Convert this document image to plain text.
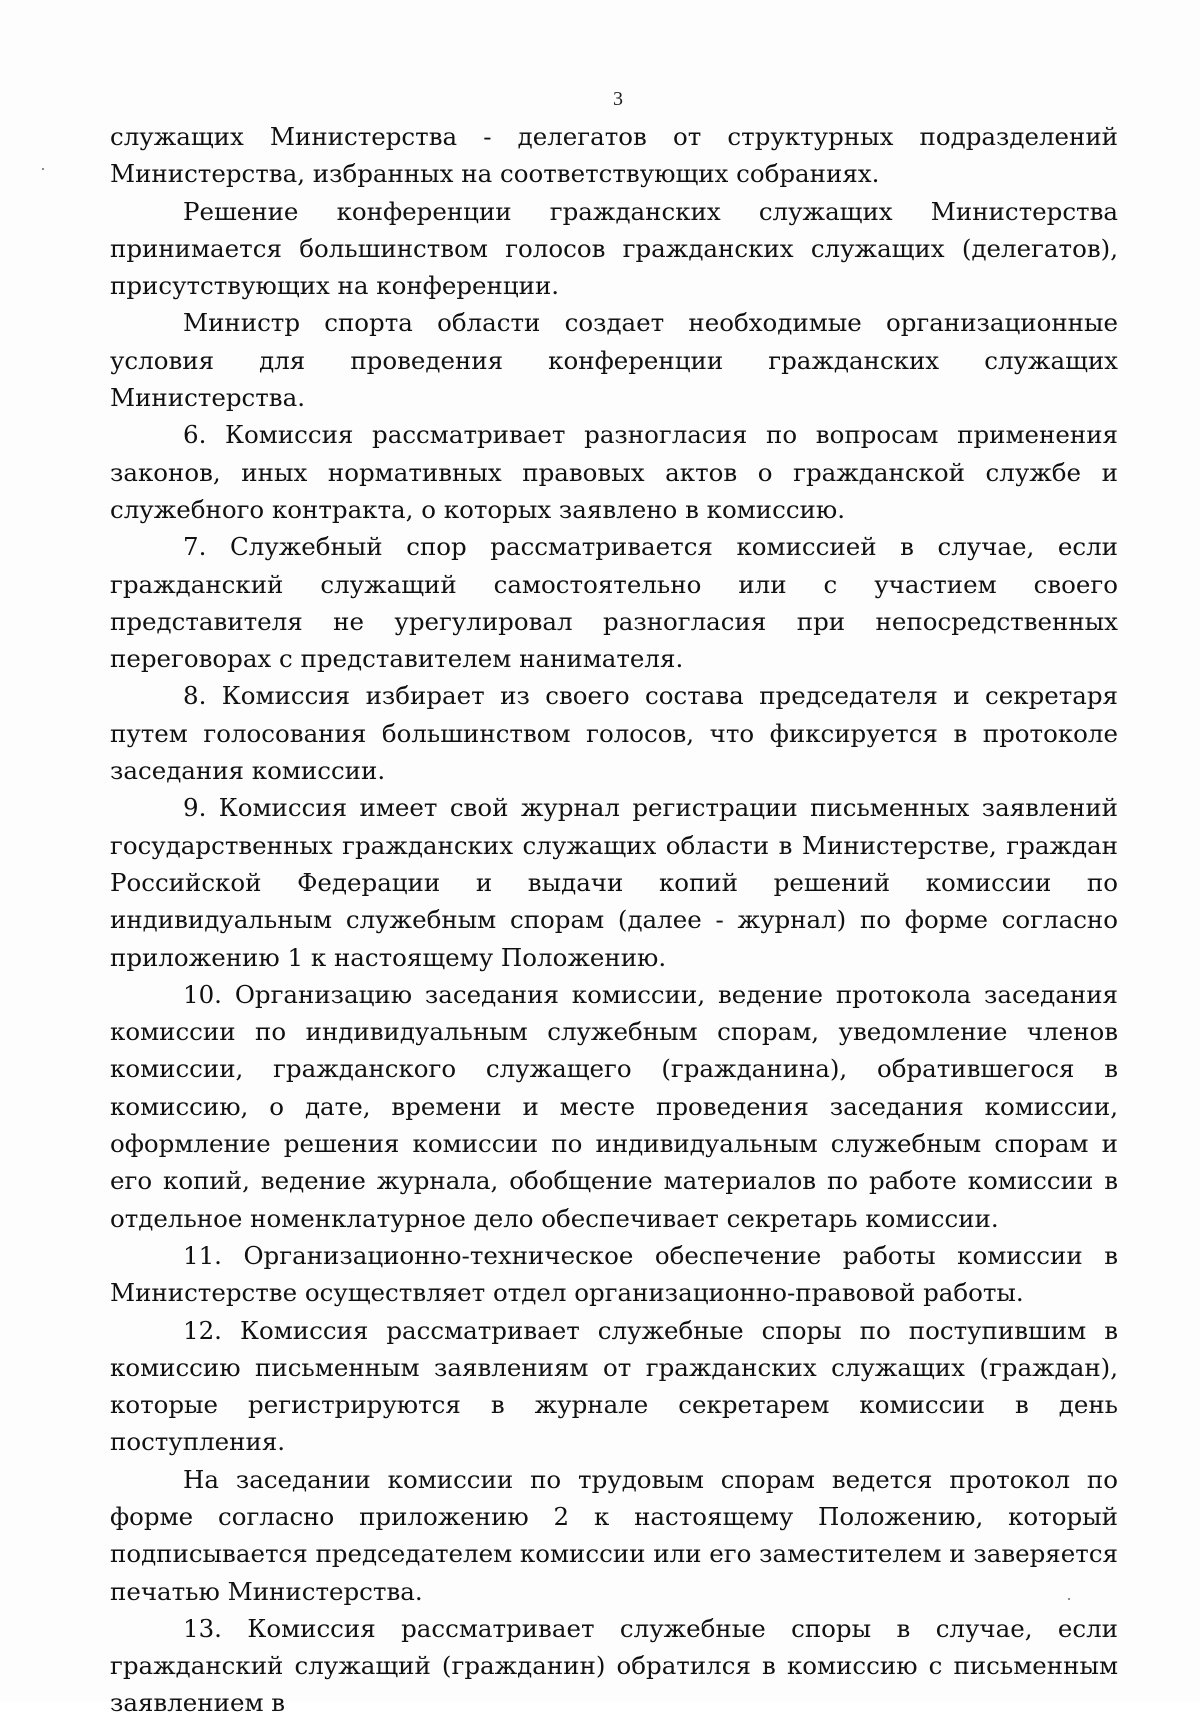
3

служащих Министерства - делегатов от структурных подразделений Министерства, избранных на соответствующих собраниях.

Решение конференции гражданских служащих Министерства принимается большинством голосов гражданских служащих (делегатов), присутствующих на конференции.

Министр спорта области создает необходимые организационные условия для проведения конференции гражданских служащих Министерства.

6. Комиссия рассматривает разногласия по вопросам применения законов, иных нормативных правовых актов о гражданской службе и служебного контракта, о которых заявлено в комиссию.

7. Служебный спор рассматривается комиссией в случае, если гражданский служащий самостоятельно или с участием своего представителя не урегулировал разногласия при непосредственных переговорах с представителем нанимателя.

8. Комиссия избирает из своего состава председателя и секретаря путем голосования большинством голосов, что фиксируется в протоколе заседания комиссии.

9. Комиссия имеет свой журнал регистрации письменных заявлений государственных гражданских служащих области в Министерстве, граждан Российской Федерации и выдачи копий решений комиссии по индивидуальным служебным спорам (далее - журнал) по форме согласно приложению 1 к настоящему Положению.

10. Организацию заседания комиссии, ведение протокола заседания комиссии по индивидуальным служебным спорам, уведомление членов комиссии, гражданского служащего (гражданина), обратившегося в комиссию, о дате, времени и месте проведения заседания комиссии, оформление решения комиссии по индивидуальным служебным спорам и его копий, ведение журнала, обобщение материалов по работе комиссии в отдельное номенклатурное дело обеспечивает секретарь комиссии.

11. Организационно-техническое обеспечение работы комиссии в Министерстве осуществляет отдел организационно-правовой работы.

12. Комиссия рассматривает служебные споры по поступившим в комиссию письменным заявлениям от гражданских служащих (граждан), которые регистрируются в журнале секретарем комиссии в день поступления.

На заседании комиссии по трудовым спорам ведется протокол по форме согласно приложению 2 к настоящему Положению, который подписывается председателем комиссии или его заместителем и заверяется печатью Министерства.

13. Комиссия рассматривает служебные споры в случае, если гражданский служащий (гражданин) обратился в комиссию с письменным заявлением в
